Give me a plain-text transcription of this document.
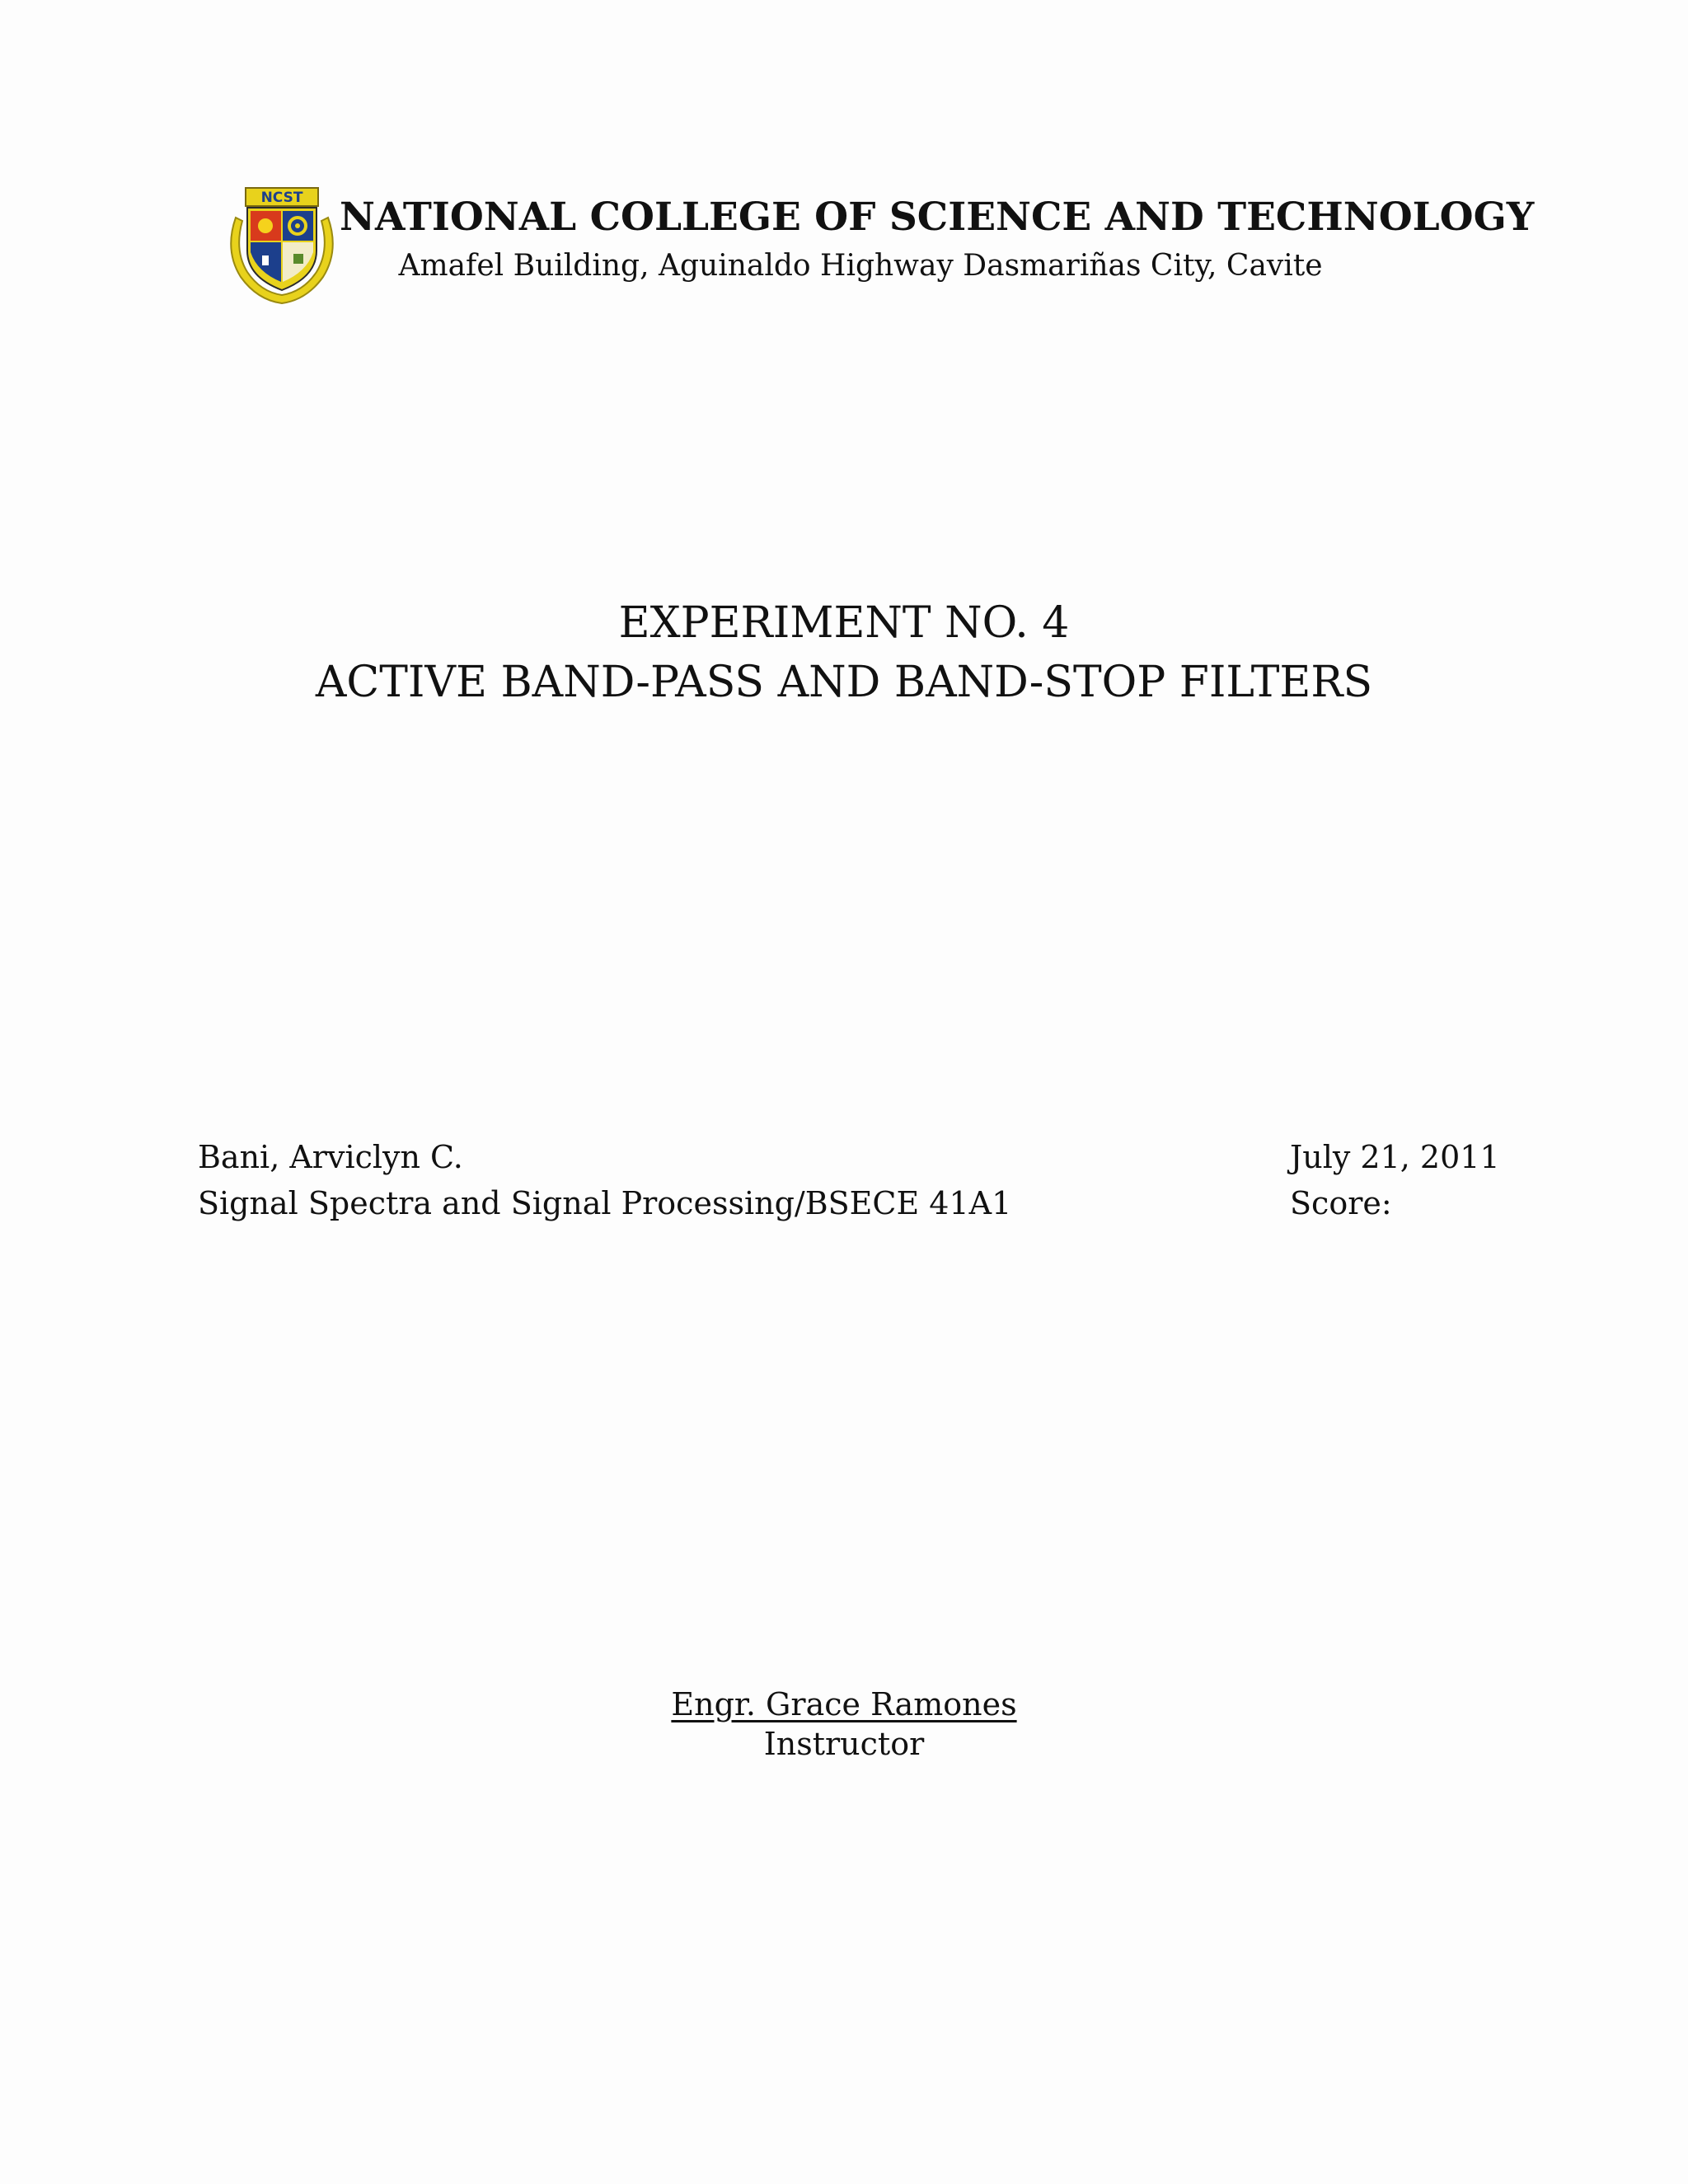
NCST NATIONAL COLLEGE OF SCIENCE AND TECHNOLOGY
Amafel Building, Aguinaldo Highway Dasmariñas City, Cavite
EXPERIMENT NO. 4
ACTIVE BAND-PASS AND BAND-STOP FILTERS
Bani, Arviclyn C.
Signal Spectra and Signal Processing/BSECE 41A1
July 21, 2011
Score:
Engr. Grace Ramones
Instructor
